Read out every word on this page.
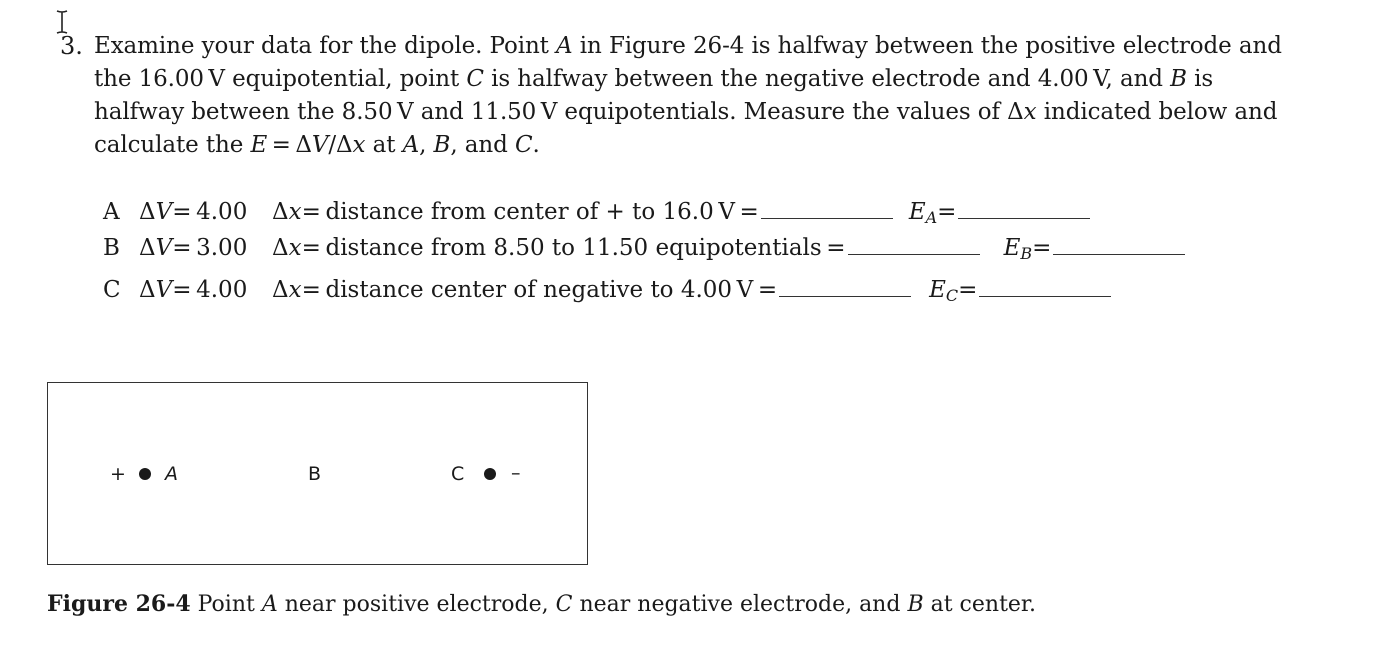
3. Examine your data for the dipole. Point A in Figure 26-4 is halfway between the positive electrode and the 16.00 V equipotential, point C is halfway between the negative electrode and 4.00 V, and B is halfway between the 8.50 V and 11.50 V equipotentials. Measure the values of Δx indicated below and calculate the E = ΔV/Δx at A, B, and C.
A ΔV= 4.00 Δx= distance from center of + to 16.0 V =	$E_A=$
B ΔV= 3.00 Δx= distance from 8.50 to 11.50 equipotentials =	$E_B=$
C ΔV= 4.00 Δx= distance center of negative to 4.00 V =	$E_C=$
+ A	B	C –
Figure 26-4 Point A near positive electrode, C near negative electrode, and B at center.
